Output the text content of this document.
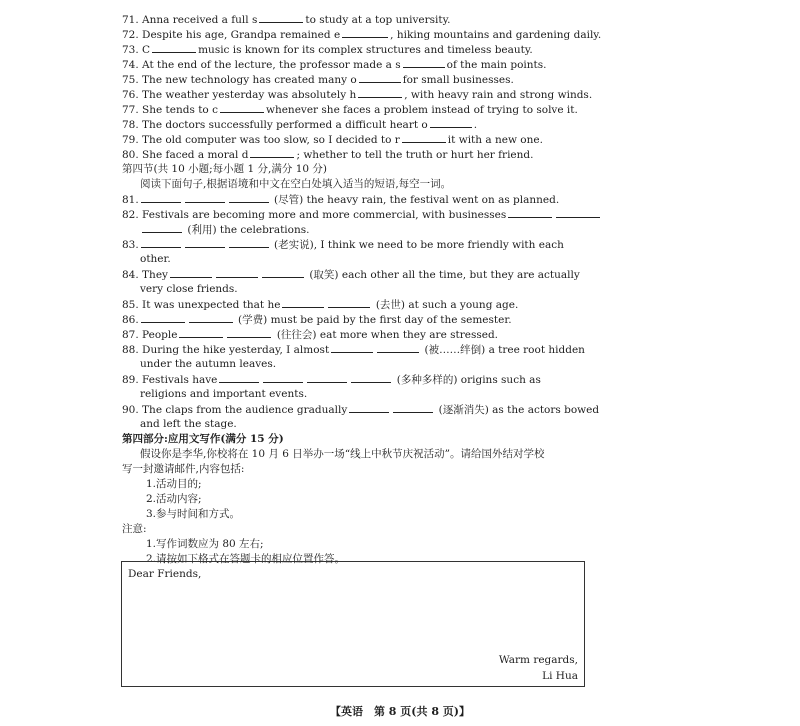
71. Anna received a full s	to study at a top university.
72. Despite his age, Grandpa remained e	, hiking mountains and gardening daily.
73. C	music is known for its complex structures and timeless beauty.
74. At the end of the lecture, the professor made a s	of the main points.
75. The new technology has created many o	for small businesses.
76. The weather yesterday was absolutely h	, with heavy rain and strong winds.
77. She tends to c	whenever she faces a problem instead of trying to solve it.
78. The doctors successfully performed a difficult heart o	.
79. The old computer was too slow, so I decided to r	it with a new one.
80. She faced a moral d	; whether to tell the truth or hurt her friend.
第四节(共 10 小题;每小题 1 分,满分 10 分)
阅读下面句子,根据语境和中文在空白处填入适当的短语,每空一词。
81.	(尽管) the heavy rain, the festival went on as planned.
82. Festivals are becoming more and more commercial, with businesses
(利用) the celebrations.
83.	(老实说), I think we need to be more friendly with each
other.
84. They	(取笑) each other all the time, but they are actually
very close friends.
85. It was unexpected that he	(去世) at such a young age.
86.	(学费) must be paid by the first day of the semester.
87. People	(往往会) eat more when they are stressed.
88. During the hike yesterday, I almost	(被……绊倒) a tree root hidden
under the autumn leaves.
89. Festivals have	(多种多样的) origins such as
religions and important events.
90. The claps from the audience gradually	(逐渐消失) as the actors bowed
and left the stage.
第四部分:应用文写作(满分 15 分)
假设你是李华,你校将在 10 月 6 日举办一场“线上中秋节庆祝活动”。请给国外结对学校
写一封邀请邮件,内容包括:
1.活动目的;
2.活动内容;
3.参与时间和方式。
注意:
1.写作词数应为 80 左右;
2.请按如下格式在答题卡的相应位置作答。
Dear Friends,
Warm regards,
Li Hua
【英语　第 8 页(共 8 页)】
